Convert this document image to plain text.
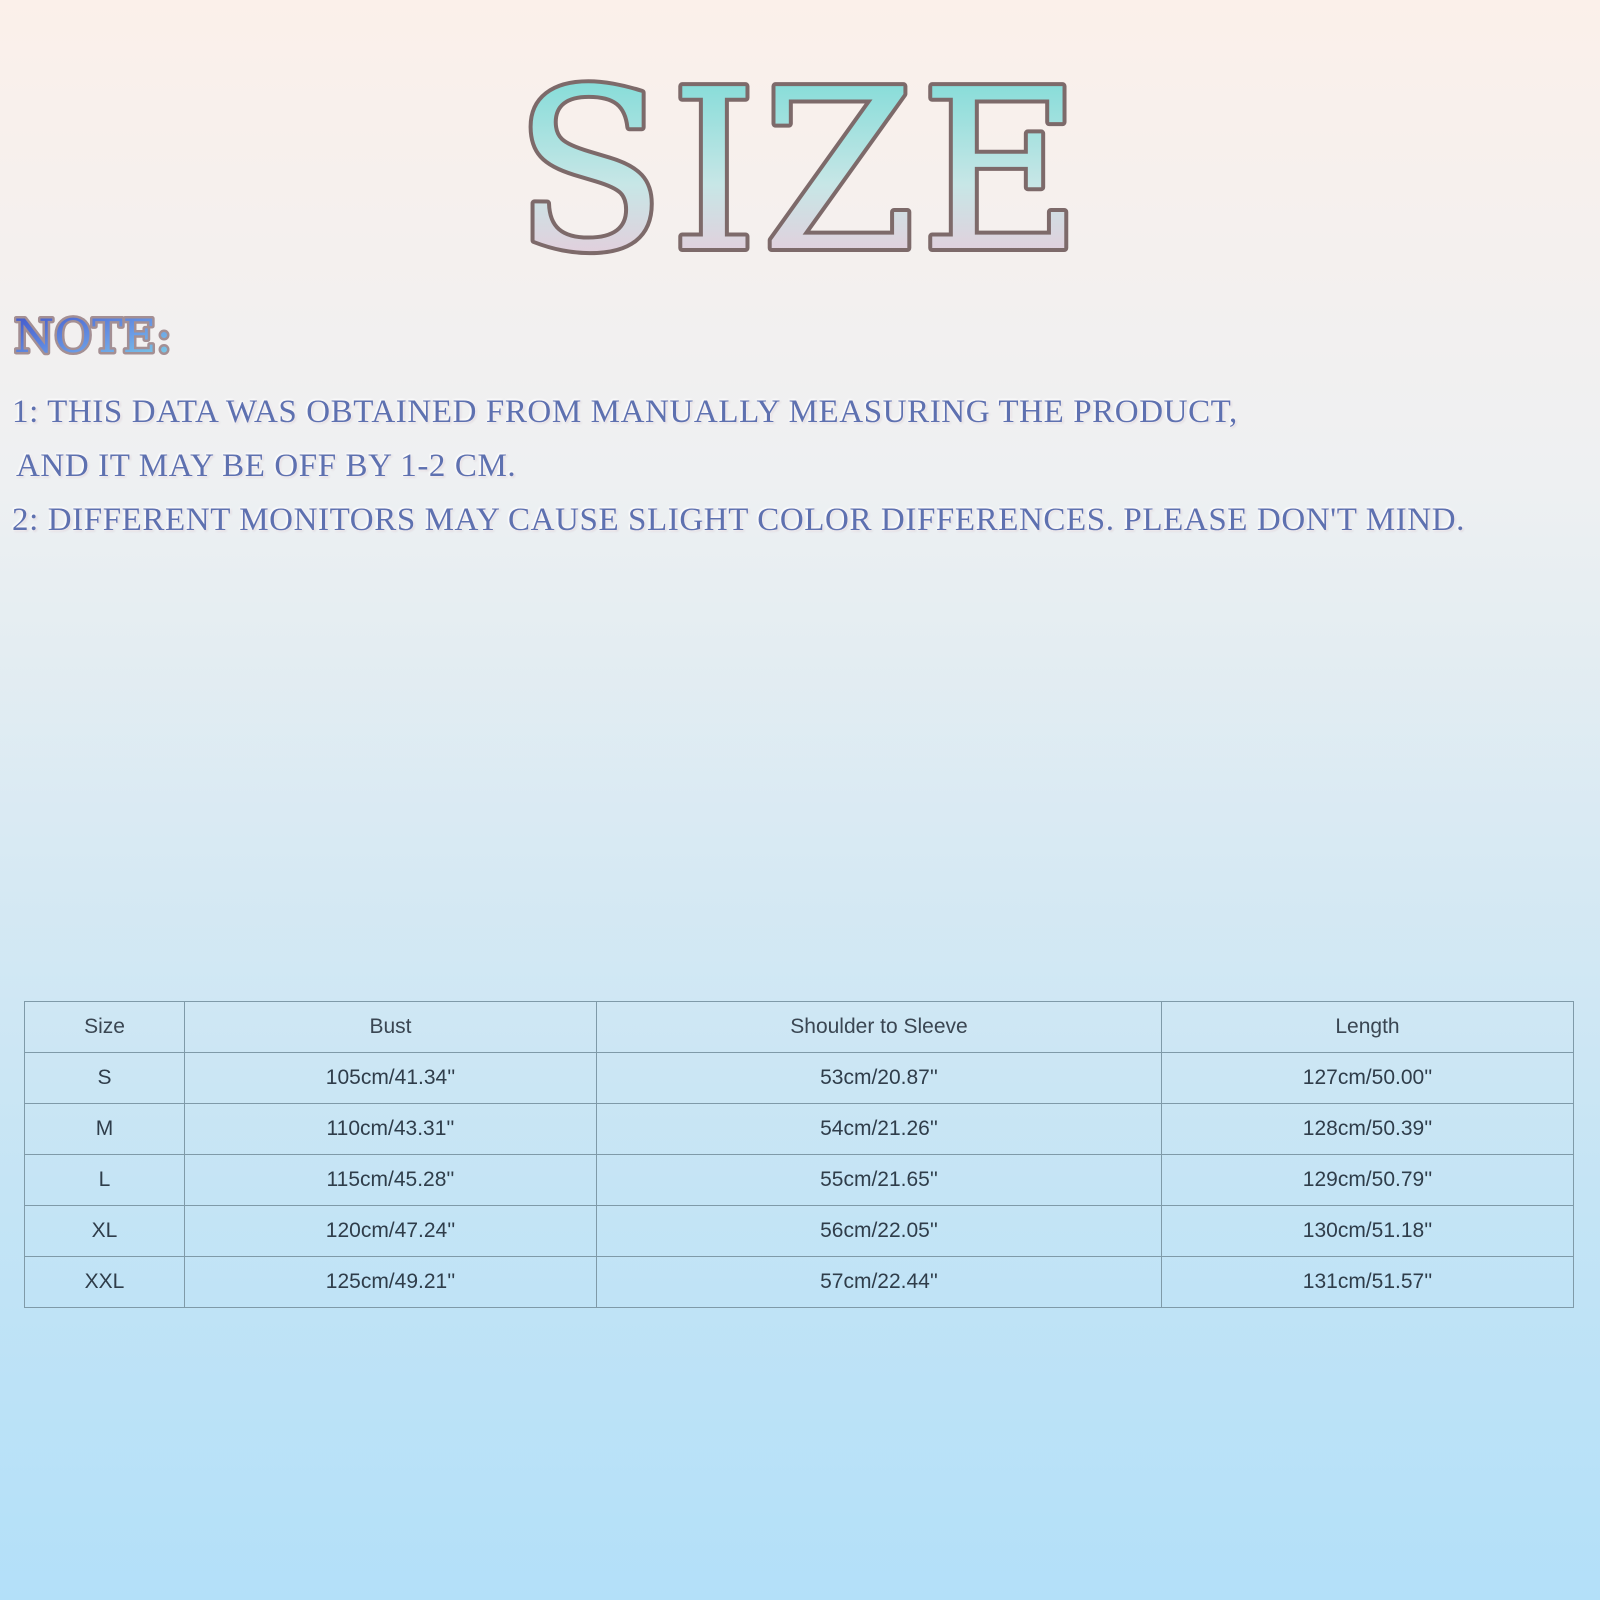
SIZE
NOTE:

1: THIS DATA WAS OBTAINED FROM MANUALLY MEASURING THE PRODUCT,

AND IT MAY BE OFF BY 1-2 CM.

2: DIFFERENT MONITORS MAY CAUSE SLIGHT COLOR DIFFERENCES. PLEASE DON'T MIND.

Size	Bust	Shoulder to Sleeve	Length
S	105cm/41.34''	53cm/20.87''	127cm/50.00''
M	110cm/43.31''	54cm/21.26''	128cm/50.39''
L	115cm/45.28''	55cm/21.65''	129cm/50.79''
XL	120cm/47.24''	56cm/22.05''	130cm/51.18''
XXL	125cm/49.21''	57cm/22.44''	131cm/51.57''
